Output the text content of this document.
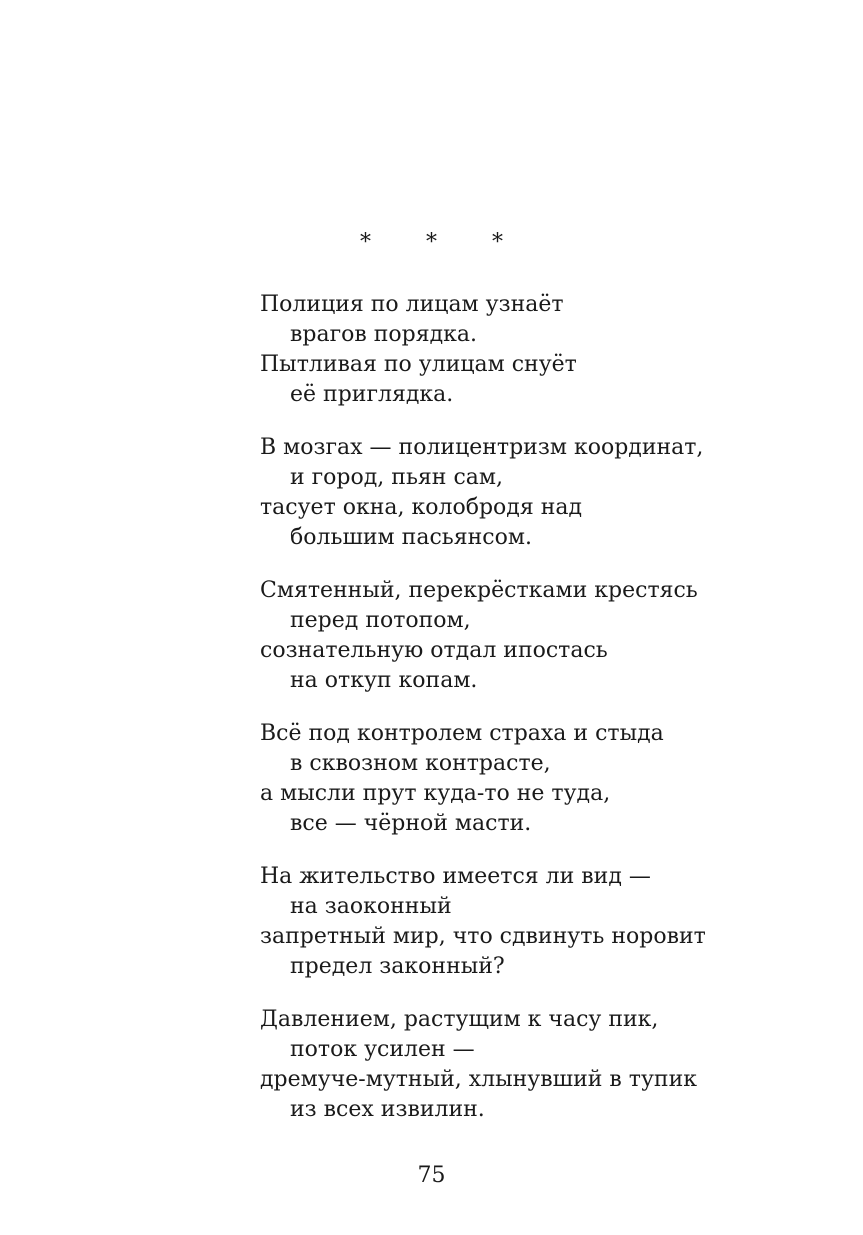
* * *
Полиция по лицам узнаёт
врагов порядка.
Пытливая по улицам снуёт
её приглядка.
В мозгах — полицентризм координат,
и город, пьян сам,
тасует окна, колобродя над
большим пасьянсом.
Смятенный, перекрёстками крестясь
перед потопом,
сознательную отдал ипостась
на откуп копам.
Всё под контролем страха и стыда
в сквозном контрасте,
а мысли прут куда-то не туда,
все — чёрной масти.
На жительство имеется ли вид —
на заоконный
запретный мир, что сдвинуть норовит
предел законный?
Давлением, растущим к часу пик,
поток усилен —
дремуче-мутный, хлынувший в тупик
из всех извилин.
75
